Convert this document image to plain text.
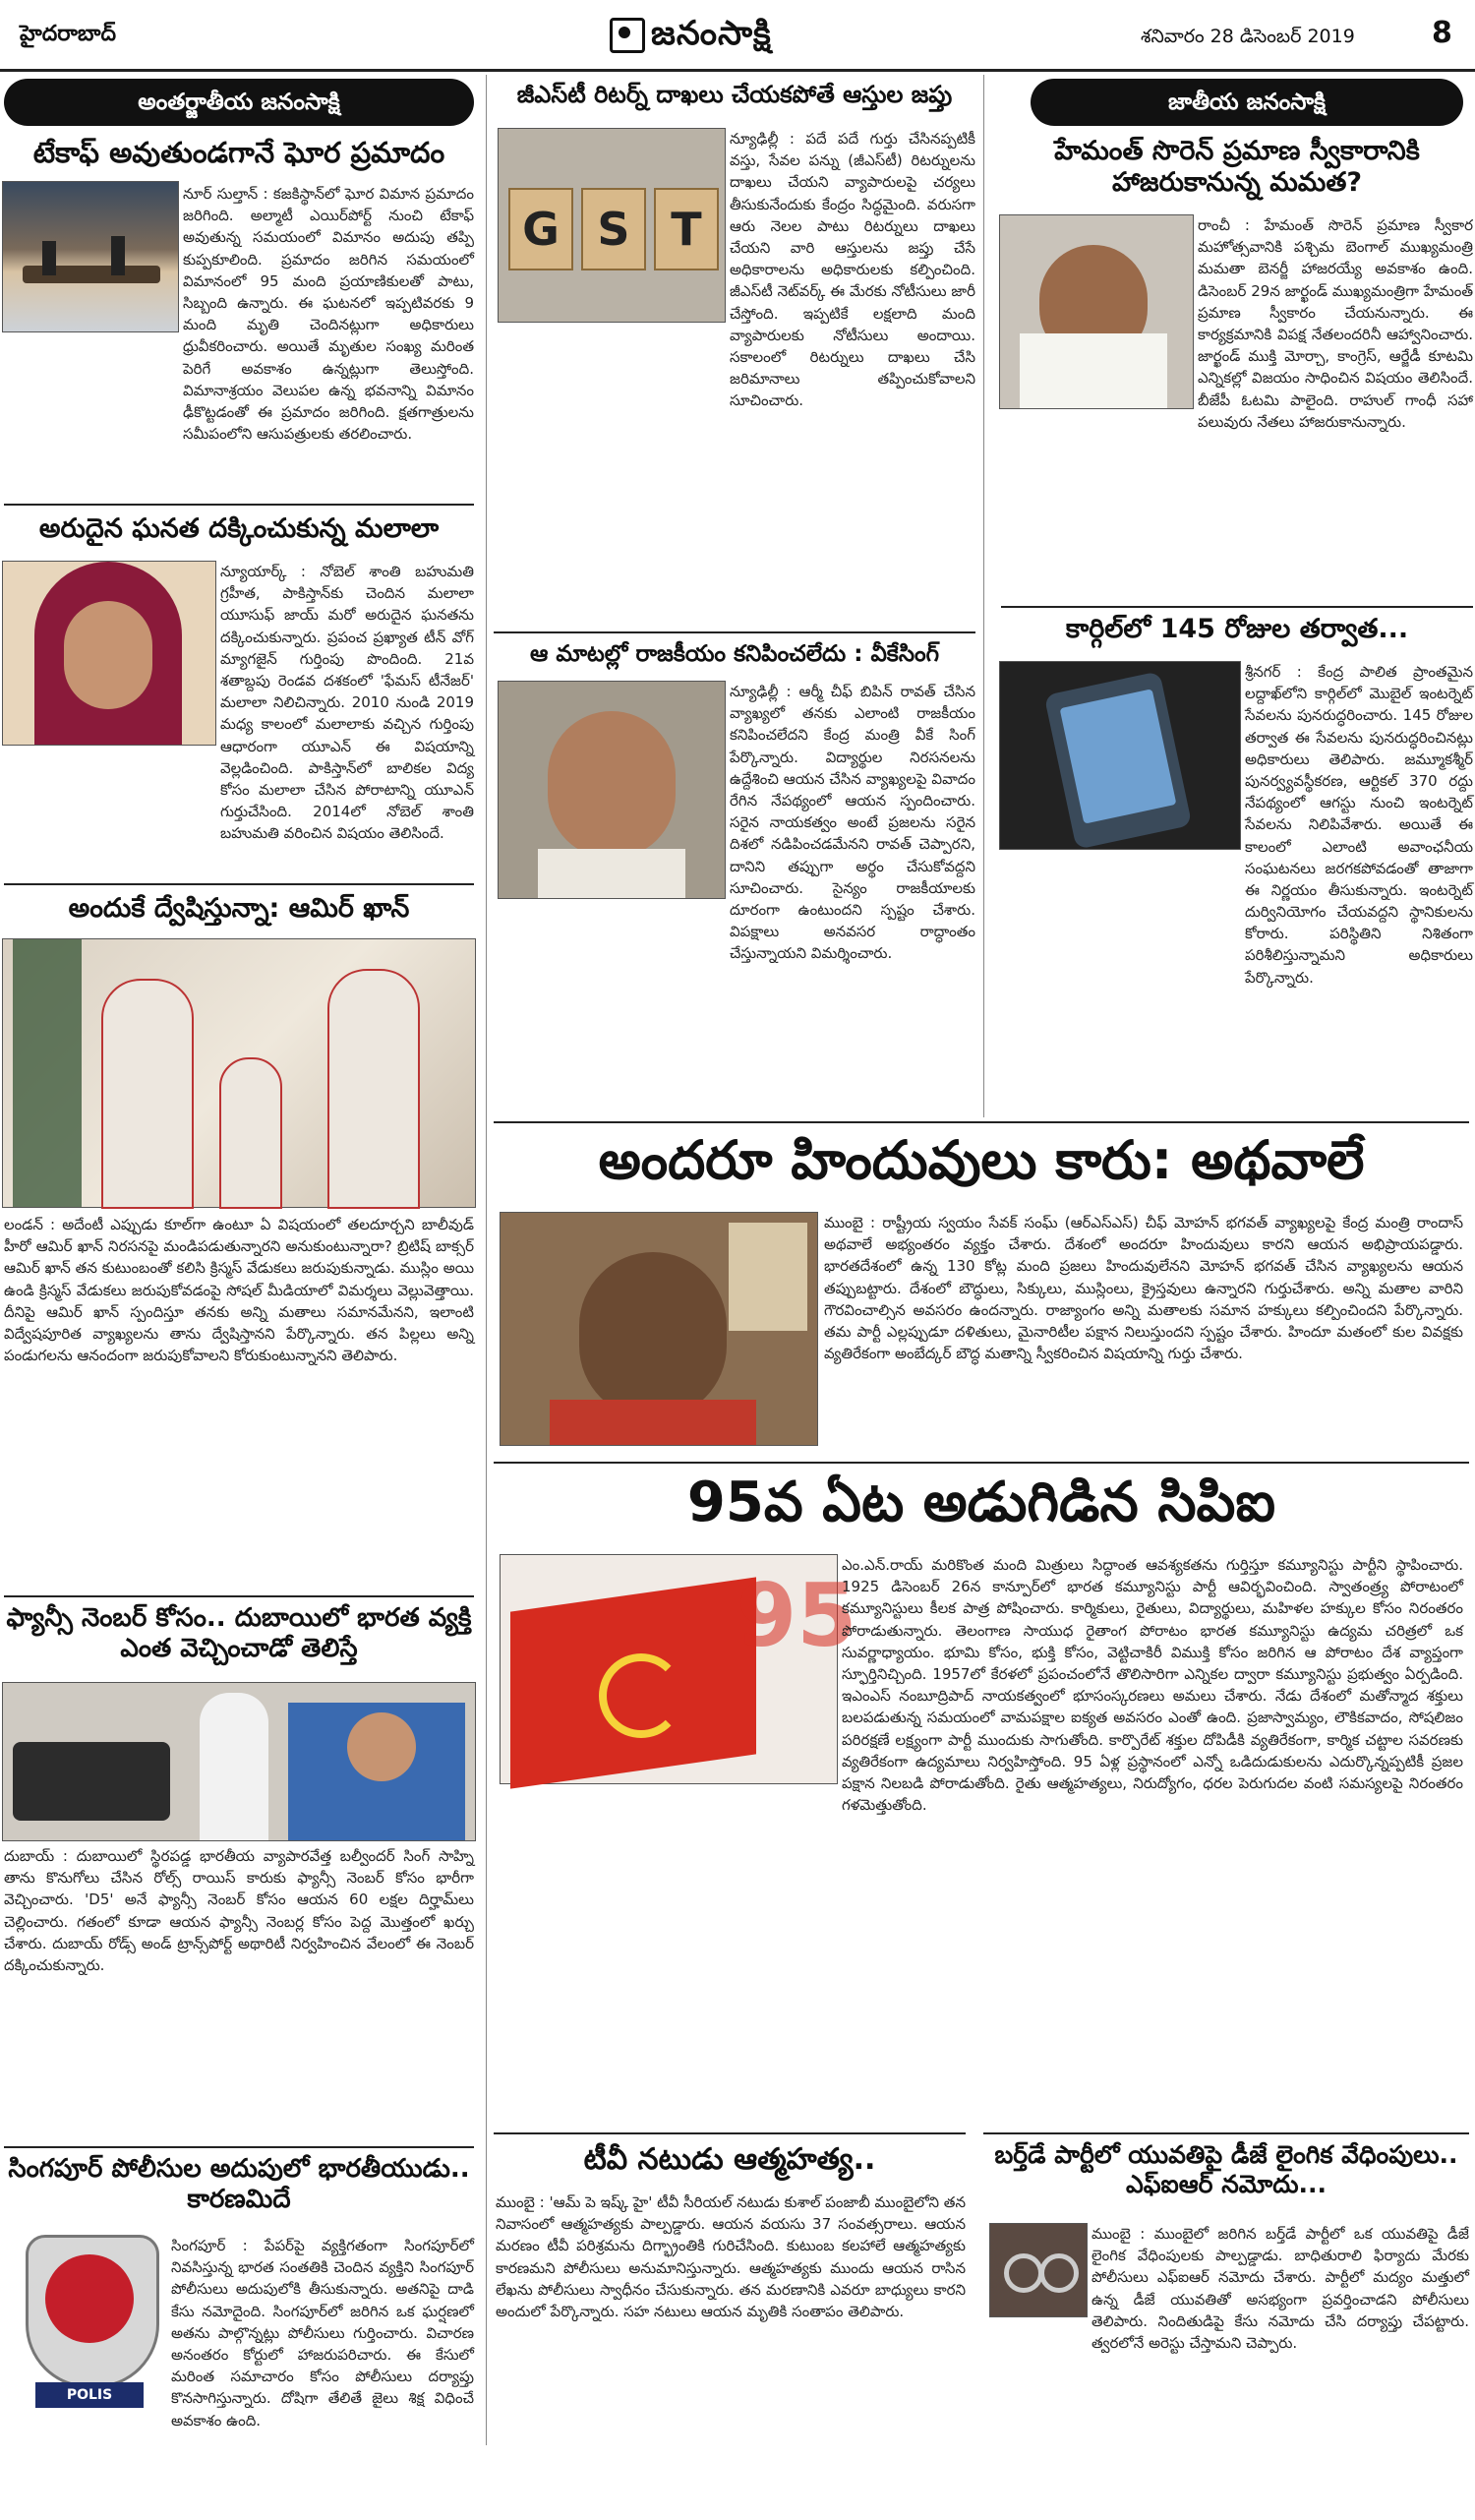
హైదరాబాద్	జనంసాక్షి	శనివారం 28 డిసెంబర్ 2019	8
అంతర్జాతీయ జనంసాక్షి
టేకాఫ్ అవుతుండగానే ఘోర ప్రమాదం

నూర్ సుల్తాన్ : కజకిస్థాన్‌లో ఘోర విమాన ప్రమాదం జరిగింది. అల్మాటీ ఎయిర్‌పోర్ట్ నుంచి టేకాఫ్ అవుతున్న సమయంలో విమానం అదుపు తప్పి కుప్పకూలింది. ప్రమాదం జరిగిన సమయంలో విమానంలో 95 మంది ప్రయాణికులతో పాటు, సిబ్బంది ఉన్నారు. ఈ ఘటనలో ఇప్పటివరకు 9 మంది మృతి చెందినట్లుగా అధికారులు ధ్రువీకరించారు. అయితే మృతుల సంఖ్య మరింత పెరిగే అవకాశం ఉన్నట్లుగా తెలుస్తోంది. విమానాశ్రయం వెలుపల ఉన్న భవనాన్ని విమానం ఢీకొట్టడంతో ఈ ప్రమాదం జరిగింది. క్షతగాత్రులను సమీపంలోని ఆసుపత్రులకు తరలించారు.

అరుదైన ఘనత దక్కించుకున్న మలాలా

న్యూయార్క్ : నోబెల్ శాంతి బహుమతి గ్రహీత, పాకిస్తాన్‌కు చెందిన మలాలా యూసుఫ్ జాయ్ మరో అరుదైన ఘనతను దక్కించుకున్నారు. ప్రపంచ ప్రఖ్యాత టీన్ వోగ్ మ్యాగజైన్ గుర్తింపు పొందింది. 21వ శతాబ్దపు రెండవ దశకంలో 'ఫేమస్ టీనేజర్' మలాలా నిలిచిన్నారు. 2010 నుండి 2019 మధ్య కాలంలో మలాలాకు వచ్చిన గుర్తింపు ఆధారంగా యూఎన్ ఈ విషయాన్ని వెల్లడించింది. పాకిస్తాన్‌లో బాలికల విద్య కోసం మలాలా చేసిన పోరాటాన్ని యూఎన్ గుర్తుచేసింది. 2014లో నోబెల్ శాంతి బహుమతి వరించిన విషయం తెలిసిందే.

అందుకే ద్వేషిస్తున్నా: ఆమిర్ ఖాన్

లండన్ : అదేంటీ ఎప్పుడు కూల్‌గా ఉంటూ ఏ విషయంలో తలదూర్చని బాలీవుడ్ హీరో ఆమిర్ ఖాన్ నిరసనపై మండిపడుతున్నారని అనుకుంటున్నారా? బ్రిటిష్ బాక్సర్ ఆమిర్ ఖాన్ తన కుటుంబంతో కలిసి క్రిస్మస్ వేడుకలు జరుపుకున్నాడు. ముస్లిం అయి ఉండి క్రిస్మస్ వేడుకలు జరుపుకోవడంపై సోషల్ మీడియాలో విమర్శలు వెల్లువెత్తాయి. దీనిపై ఆమిర్ ఖాన్ స్పందిస్తూ తనకు అన్ని మతాలు సమానమేనని, ఇలాంటి విద్వేషపూరిత వ్యాఖ్యలను తాను ద్వేషిస్తానని పేర్కొన్నారు. తన పిల్లలు అన్ని పండుగలను ఆనందంగా జరుపుకోవాలని కోరుకుంటున్నానని తెలిపారు.

ఫ్యాన్సీ నెంబర్ కోసం.. దుబాయిలో భారత వ్యక్తి ఎంత వెచ్చించాడో తెలిస్తే

దుబాయ్ : దుబాయిలో స్థిరపడ్డ భారతీయ వ్యాపారవేత్త బల్వీందర్ సింగ్ సాహ్ని తాను కొనుగోలు చేసిన రోల్స్ రాయిస్ కారుకు ఫ్యాన్సీ నెంబర్ కోసం భారీగా వెచ్చించారు. 'D5' అనే ఫ్యాన్సీ నెంబర్ కోసం ఆయన 60 లక్షల దిర్హామ్‌లు చెల్లించారు. గతంలో కూడా ఆయన ఫ్యాన్సీ నెంబర్ల కోసం పెద్ద మొత్తంలో ఖర్చు చేశారు. దుబాయ్ రోడ్స్ అండ్ ట్రాన్స్‌పోర్ట్ అథారిటీ నిర్వహించిన వేలంలో ఈ నెంబర్ దక్కించుకున్నారు.

సింగపూర్ పోలీసుల అదుపులో భారతీయుడు.. కారణమిదే
POLIS

సింగపూర్ : పేపర్‌పై వ్యక్తిగతంగా సింగపూర్‌లో నివసిస్తున్న భారత సంతతికి చెందిన వ్యక్తిని సింగపూర్ పోలీసులు అదుపులోకి తీసుకున్నారు. అతనిపై దాడి కేసు నమోదైంది. సింగపూర్‌లో జరిగిన ఒక ఘర్షణలో అతను పాల్గొన్నట్లు పోలీసులు గుర్తించారు. విచారణ అనంతరం కోర్టులో హాజరుపరిచారు. ఈ కేసులో మరింత సమాచారం కోసం పోలీసులు దర్యాప్తు కొనసాగిస్తున్నారు. దోషిగా తేలితే జైలు శిక్ష విధించే అవకాశం ఉంది.

జీఎస్‌టీ రిటర్న్ దాఖలు చేయకపోతే ఆస్తుల జప్తు
G S T

న్యూఢిల్లీ : పదే పదే గుర్తు చేసినప్పటికీ వస్తు, సేవల పన్ను (జీఎస్‌టీ) రిటర్నులను దాఖలు చేయని వ్యాపారులపై చర్యలు తీసుకునేందుకు కేంద్రం సిద్ధమైంది. వరుసగా ఆరు నెలల పాటు రిటర్నులు దాఖలు చేయని వారి ఆస్తులను జప్తు చేసే అధికారాలను అధికారులకు కల్పించింది. జీఎస్‌టీ నెట్‌వర్క్ ఈ మేరకు నోటీసులు జారీ చేస్తోంది. ఇప్పటికే లక్షలాది మంది వ్యాపారులకు నోటీసులు అందాయి. సకాలంలో రిటర్నులు దాఖలు చేసి జరిమానాలు తప్పించుకోవాలని సూచించారు.

ఆ మాటల్లో రాజకీయం కనిపించలేదు : వీకేసింగ్

న్యూఢిల్లీ : ఆర్మీ చీఫ్ బిపిన్ రావత్ చేసిన వ్యాఖ్యలో తనకు ఎలాంటి రాజకీయం కనిపించలేదని కేంద్ర మంత్రి వీకే సింగ్ పేర్కొన్నారు. విద్యార్థుల నిరసనలను ఉద్దేశించి ఆయన చేసిన వ్యాఖ్యలపై వివాదం రేగిన నేపథ్యంలో ఆయన స్పందించారు. సరైన నాయకత్వం అంటే ప్రజలను సరైన దిశలో నడిపించడమేనని రావత్ చెప్పారని, దానిని తప్పుగా అర్థం చేసుకోవద్దని సూచించారు. సైన్యం రాజకీయాలకు దూరంగా ఉంటుందని స్పష్టం చేశారు. విపక్షాలు అనవసర రాద్ధాంతం చేస్తున్నాయని విమర్శించారు.

జాతీయ జనంసాక్షి
హేమంత్ సొరెన్ ప్రమాణ స్వీకారానికి హాజరుకానున్న మమత?

రాంచీ : హేమంత్ సొరెన్ ప్రమాణ స్వీకార మహోత్సవానికి పశ్చిమ బెంగాల్ ముఖ్యమంత్రి మమతా బెనర్జీ హాజరయ్యే అవకాశం ఉంది. డిసెంబర్ 29న జార్ఖండ్ ముఖ్యమంత్రిగా హేమంత్ ప్రమాణ స్వీకారం చేయనున్నారు. ఈ కార్యక్రమానికి విపక్ష నేతలందరినీ ఆహ్వానించారు. జార్ఖండ్ ముక్తి మోర్చా, కాంగ్రెస్, ఆర్జేడీ కూటమి ఎన్నికల్లో విజయం సాధించిన విషయం తెలిసిందే. బీజేపీ ఓటమి పాలైంది. రాహుల్ గాంధీ సహా పలువురు నేతలు హాజరుకానున్నారు.

కార్గిల్‌లో 145 రోజుల తర్వాత...

శ్రీనగర్ : కేంద్ర పాలిత ప్రాంతమైన లద్దాఖ్‌లోని కార్గిల్‌లో మొబైల్ ఇంటర్నెట్ సేవలను పునరుద్ధరించారు. 145 రోజుల తర్వాత ఈ సేవలను పునరుద్ధరించినట్లు అధికారులు తెలిపారు. జమ్మూకశ్మీర్ పునర్వ్యవస్థీకరణ, ఆర్టికల్ 370 రద్దు నేపథ్యంలో ఆగస్టు నుంచి ఇంటర్నెట్ సేవలను నిలిపివేశారు. అయితే ఈ కాలంలో ఎలాంటి అవాంఛనీయ సంఘటనలు జరగకపోవడంతో తాజాగా ఈ నిర్ణయం తీసుకున్నారు. ఇంటర్నెట్ దుర్వినియోగం చేయవద్దని స్థానికులను కోరారు. పరిస్థితిని నిశితంగా పరిశీలిస్తున్నామని అధికారులు పేర్కొన్నారు.

అందరూ హిందువులు కారు: అథవాలే

ముంబై : రాష్ట్రీయ స్వయం సేవక్ సంఘ్ (ఆర్ఎస్ఎస్) చీఫ్ మోహన్ భగవత్ వ్యాఖ్యలపై కేంద్ర మంత్రి రాందాస్ అథవాలే అభ్యంతరం వ్యక్తం చేశారు. దేశంలో అందరూ హిందువులు కారని ఆయన అభిప్రాయపడ్డారు. భారతదేశంలో ఉన్న 130 కోట్ల మంది ప్రజలు హిందువులేనని మోహన్ భగవత్ చేసిన వ్యాఖ్యలను ఆయన తప్పుబట్టారు. దేశంలో బౌద్ధులు, సిక్కులు, ముస్లింలు, క్రైస్తవులు ఉన్నారని గుర్తుచేశారు. అన్ని మతాల వారిని గౌరవించాల్సిన అవసరం ఉందన్నారు. రాజ్యాంగం అన్ని మతాలకు సమాన హక్కులు కల్పించిందని పేర్కొన్నారు. తమ పార్టీ ఎల్లప్పుడూ దళితులు, మైనారిటీల పక్షాన నిలుస్తుందని స్పష్టం చేశారు. హిందూ మతంలో కుల వివక్షకు వ్యతిరేకంగా అంబేద్కర్ బౌద్ధ మతాన్ని స్వీకరించిన విషయాన్ని గుర్తు చేశారు.

95వ ఏట అడుగిడిన సిపిఐ
95

ఎం.ఎన్.రాయ్ మరికొంత మంది మిత్రులు సిద్ధాంత ఆవశ్యకతను గుర్తిస్తూ కమ్యూనిస్టు పార్టీని స్థాపించారు. 1925 డిసెంబర్ 26న కాన్పూర్‌లో భారత కమ్యూనిస్టు పార్టీ ఆవిర్భవించింది. స్వాతంత్ర్య పోరాటంలో కమ్యూనిస్టులు కీలక పాత్ర పోషించారు. కార్మికులు, రైతులు, విద్యార్థులు, మహిళల హక్కుల కోసం నిరంతరం పోరాడుతున్నారు. తెలంగాణ సాయుధ రైతాంగ పోరాటం భారత కమ్యూనిస్టు ఉద్యమ చరిత్రలో ఒక సువర్ణాధ్యాయం. భూమి కోసం, భుక్తి కోసం, వెట్టిచాకిరీ విముక్తి కోసం జరిగిన ఆ పోరాటం దేశ వ్యాప్తంగా స్ఫూర్తినిచ్చింది. 1957లో కేరళలో ప్రపంచంలోనే తొలిసారిగా ఎన్నికల ద్వారా కమ్యూనిస్టు ప్రభుత్వం ఏర్పడింది. ఇఎంఎస్ నంబూద్రిపాద్ నాయకత్వంలో భూసంస్కరణలు అమలు చేశారు. నేడు దేశంలో మతోన్మాద శక్తులు బలపడుతున్న సమయంలో వామపక్షాల ఐక్యత అవసరం ఎంతో ఉంది. ప్రజాస్వామ్యం, లౌకికవాదం, సోషలిజం పరిరక్షణే లక్ష్యంగా పార్టీ ముందుకు సాగుతోంది. కార్పొరేట్ శక్తుల దోపిడీకి వ్యతిరేకంగా, కార్మిక చట్టాల సవరణకు వ్యతిరేకంగా ఉద్యమాలు నిర్వహిస్తోంది. 95 ఏళ్ల ప్రస్థానంలో ఎన్నో ఒడిదుడుకులను ఎదుర్కొన్నప్పటికీ ప్రజల పక్షాన నిలబడి పోరాడుతోంది. రైతు ఆత్మహత్యలు, నిరుద్యోగం, ధరల పెరుగుదల వంటి సమస్యలపై నిరంతరం గళమెత్తుతోంది.

టీవీ నటుడు ఆత్మహత్య..

ముంబై : 'ఆమ్ పె ఇష్క్ హై' టీవీ సీరియల్ నటుడు కుశాల్ పంజాబీ ముంబైలోని తన నివాసంలో ఆత్మహత్యకు పాల్పడ్డారు. ఆయన వయసు 37 సంవత్సరాలు. ఆయన మరణం టీవీ పరిశ్రమను దిగ్భ్రాంతికి గురిచేసింది. కుటుంబ కలహాలే ఆత్మహత్యకు కారణమని పోలీసులు అనుమానిస్తున్నారు. ఆత్మహత్యకు ముందు ఆయన రాసిన లేఖను పోలీసులు స్వాధీనం చేసుకున్నారు. తన మరణానికి ఎవరూ బాధ్యులు కారని అందులో పేర్కొన్నారు. సహ నటులు ఆయన మృతికి సంతాపం తెలిపారు.

బర్త్‌డే పార్టీలో యువతిపై డీజే లైంగిక వేధింపులు.. ఎఫ్ఐఆర్ నమోదు...

ముంబై : ముంబైలో జరిగిన బర్త్‌డే పార్టీలో ఒక యువతిపై డీజే లైంగిక వేధింపులకు పాల్పడ్డాడు. బాధితురాలి ఫిర్యాదు మేరకు పోలీసులు ఎఫ్ఐఆర్ నమోదు చేశారు. పార్టీలో మద్యం మత్తులో ఉన్న డీజే యువతితో అసభ్యంగా ప్రవర్తించాడని పోలీసులు తెలిపారు. నిందితుడిపై కేసు నమోదు చేసి దర్యాప్తు చేపట్టారు. త్వరలోనే అరెస్టు చేస్తామని చెప్పారు.
